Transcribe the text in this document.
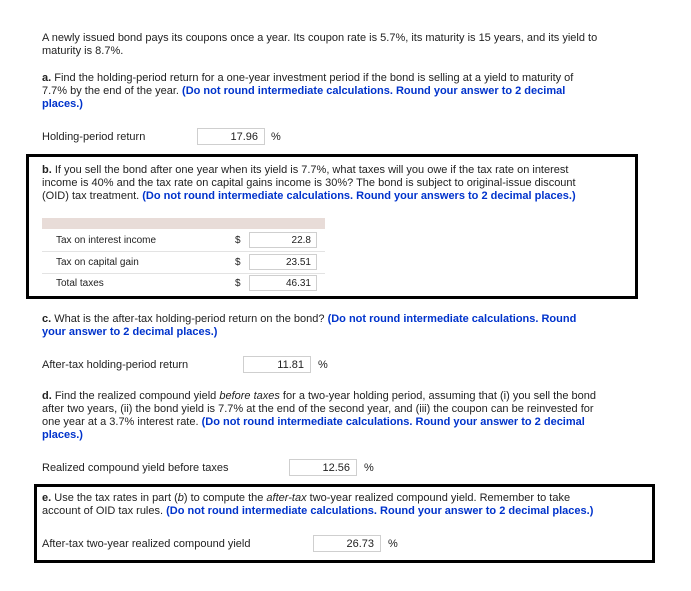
A newly issued bond pays its coupons once a year. Its coupon rate is 5.7%, its maturity is 15 years, and its yield to
maturity is 8.7%.
a. Find the holding-period return for a one-year investment period if the bond is selling at a yield to maturity of
7.7% by the end of the year. (Do not round intermediate calculations. Round your answer to 2 decimal
places.)
Holding-period return	17.96	%
b. If you sell the bond after one year when its yield is 7.7%, what taxes will you owe if the tax rate on interest
income is 40% and the tax rate on capital gains income is 30%? The bond is subject to original-issue discount
(OID) tax treatment. (Do not round intermediate calculations. Round your answers to 2 decimal places.)
Tax on interest income	$	22.8
Tax on capital gain	$	23.51
Total taxes	$	46.31
c. What is the after-tax holding-period return on the bond? (Do not round intermediate calculations. Round
your answer to 2 decimal places.)
After-tax holding-period return	11.81	%
d. Find the realized compound yield before taxes for a two-year holding period, assuming that (i) you sell the bond
after two years, (ii) the bond yield is 7.7% at the end of the second year, and (iii) the coupon can be reinvested for
one year at a 3.7% interest rate. (Do not round intermediate calculations. Round your answer to 2 decimal
places.)
Realized compound yield before taxes	12.56	%
e. Use the tax rates in part (b) to compute the after-tax two-year realized compound yield. Remember to take
account of OID tax rules. (Do not round intermediate calculations. Round your answer to 2 decimal places.)
After-tax two-year realized compound yield	26.73	%
